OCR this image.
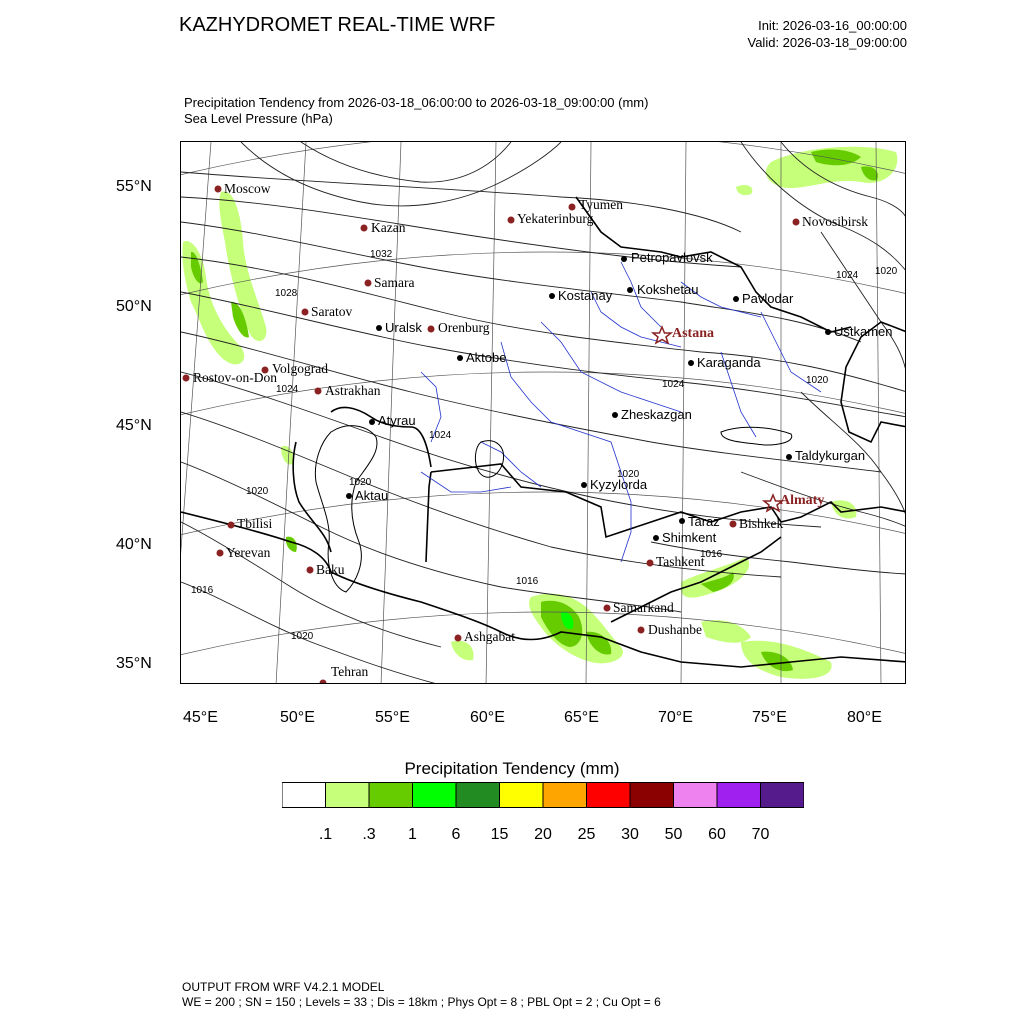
KAZHYDROMET REAL-TIME WRF	Init: 2026-03-16_00:00:00
Valid: 2026-03-18_09:00:00
Precipitation Tendency from 2026-03-18_06:00:00 to 2026-03-18_09:00:00 (mm)
Sea Level Pressure (hPa)
55°N
50°N
45°N
40°N
35°N
45°E	50°E	55°E	60°E	65°E	70°E	75°E	80°E
Moscow
Kazan
Samara
Saratov
Volgograd
Rostov-on-Don
Astrakhan
Orenburg
Yekaterinburg
Tyumen
Novosibirsk
Tbilisi
Yerevan
Baku
Ashgabat
Tehran
Samarkand
Dushanbe
Tashkent
Bishkek
Petropavlovsk
Kostanay Kokshetau
Pavlodar
Ustkamen
Uralsk
Aktobe	Karaganda
Atyrau	Zheskazgan
Taldykurgan
Kyzylorda
Aktau
Taraz
Shimkent
Astana
Almaty
1032
1028
1024
1024
1024
1024 1020
1020
1020
1020
1016
1016
1020
1016
1020
Precipitation Tendency (mm)
.1 .3 1 6 15 20 25 30 50 60 70
OUTPUT FROM WRF V4.2.1 MODEL
WE = 200 ; SN = 150 ; Levels = 33 ; Dis = 18km ; Phys Opt = 8 ; PBL Opt = 2 ; Cu Opt = 6
